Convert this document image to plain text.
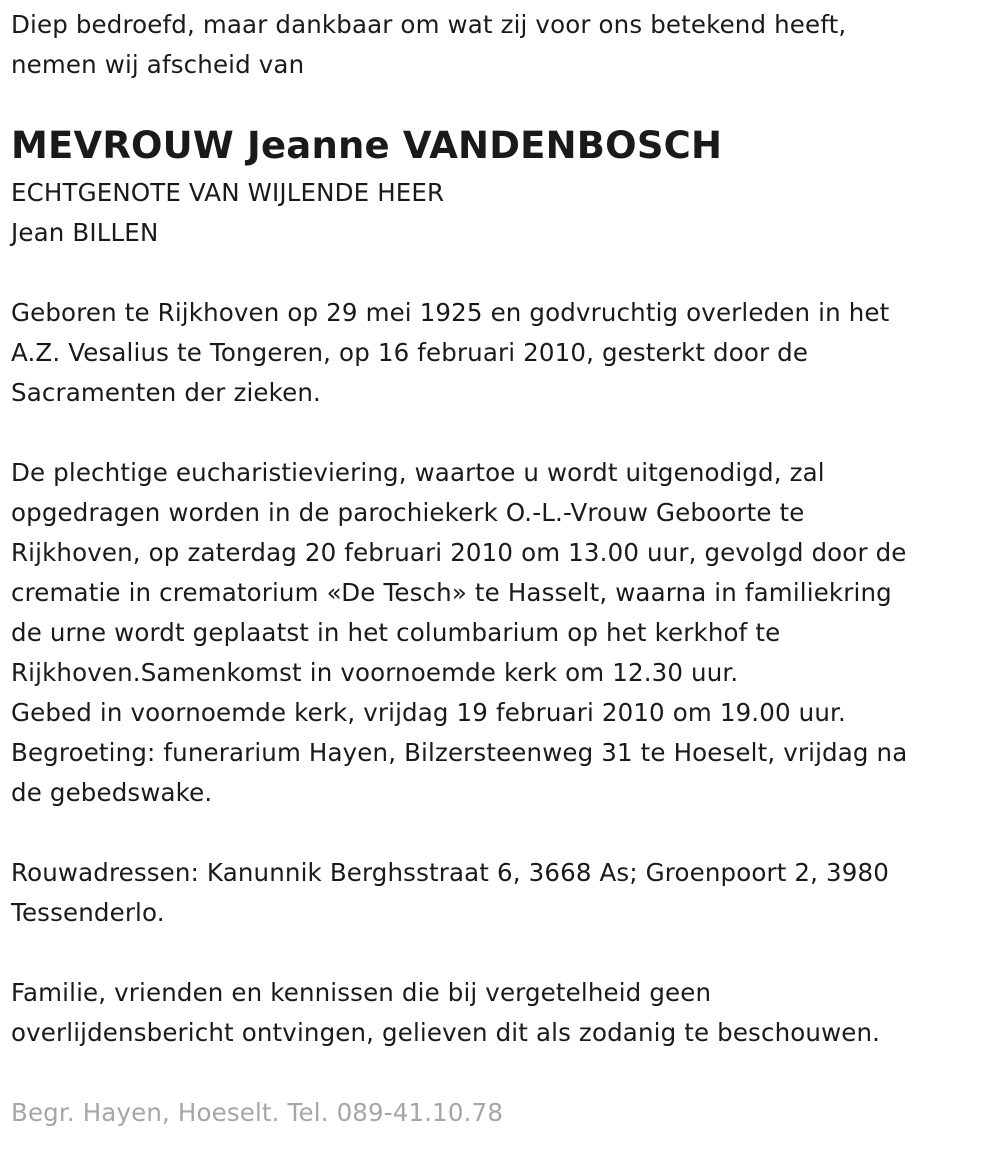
Diep bedroefd, maar dankbaar om wat zij voor ons betekend heeft,
nemen wij afscheid van
MEVROUW Jeanne VANDENBOSCH
ECHTGENOTE VAN WIJLENDE HEER
Jean BILLEN
Geboren te Rijkhoven op 29 mei 1925 en godvruchtig overleden in het
A.Z. Vesalius te Tongeren, op 16 februari 2010, gesterkt door de
Sacramenten der zieken.
De plechtige eucharistieviering, waartoe u wordt uitgenodigd, zal
opgedragen worden in de parochiekerk O.-L.-Vrouw Geboorte te
Rijkhoven, op zaterdag 20 februari 2010 om 13.00 uur, gevolgd door de
crematie in crematorium «De Tesch» te Hasselt, waarna in familiekring
de urne wordt geplaatst in het columbarium op het kerkhof te
Rijkhoven.Samenkomst in voornoemde kerk om 12.30 uur.
Gebed in voornoemde kerk, vrijdag 19 februari 2010 om 19.00 uur.
Begroeting: funerarium Hayen, Bilzersteenweg 31 te Hoeselt, vrijdag na
de gebedswake.
Rouwadressen: Kanunnik Berghsstraat 6, 3668 As; Groenpoort 2, 3980
Tessenderlo.
Familie, vrienden en kennissen die bij vergetelheid geen
overlijdensbericht ontvingen, gelieven dit als zodanig te beschouwen.
Begr. Hayen, Hoeselt. Tel. 089-41.10.78
